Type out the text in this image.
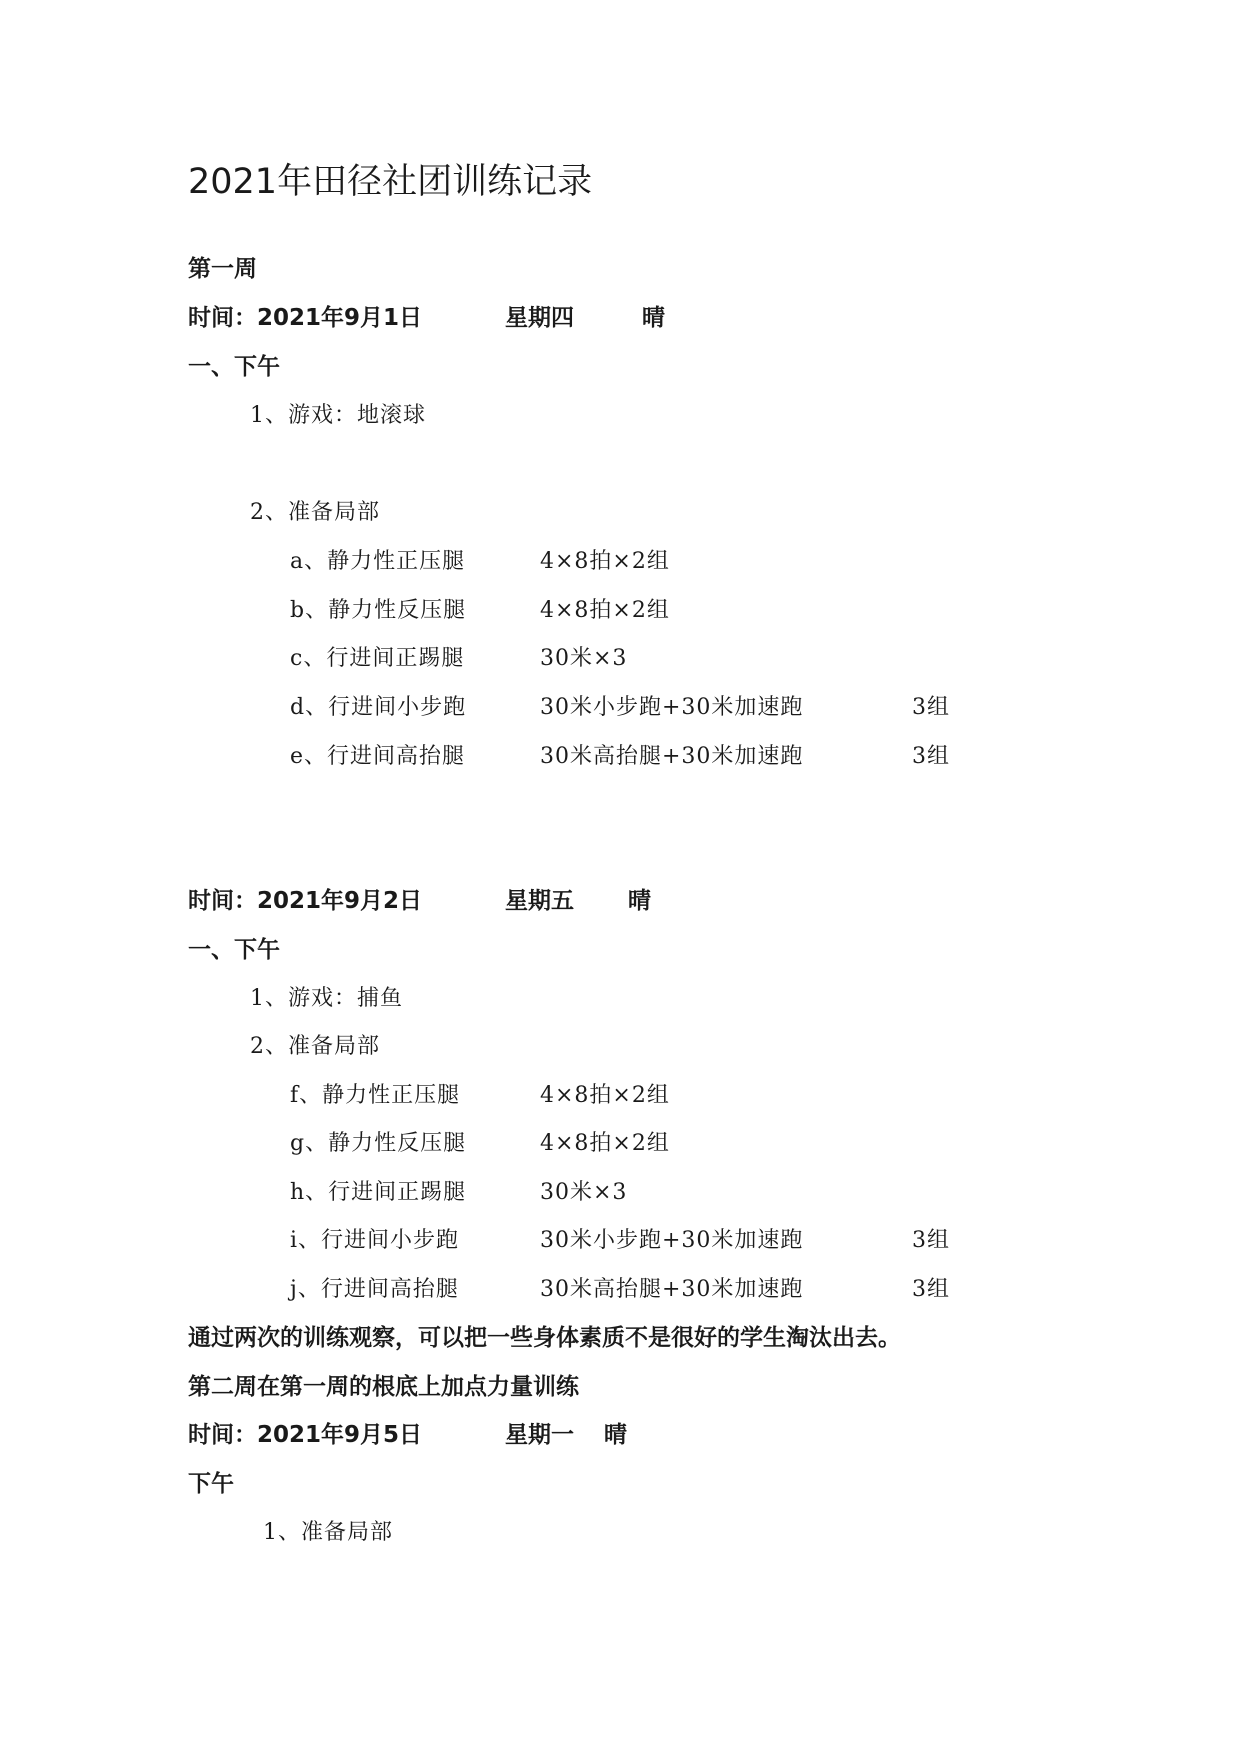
2021年田径社团训练记录
第一周
时间：2021年9月1日	星期四	晴
一、下午
1、游戏：地滚球
2、准备局部
a、静力性正压腿	4×8拍×2组
b、静力性反压腿	4×8拍×2组
c、行进间正踢腿	30米×3
d、行进间小步跑	30米小步跑+30米加速跑	3组
e、行进间高抬腿	30米高抬腿+30米加速跑	3组
时间：2021年9月2日	星期五 晴
一、下午
1、游戏：捕鱼
2、准备局部
f、静力性正压腿	4×8拍×2组
g、静力性反压腿	4×8拍×2组
h、行进间正踢腿	30米×3
i、行进间小步跑	30米小步跑+30米加速跑	3组
j、行进间高抬腿	30米高抬腿+30米加速跑	3组
通过两次的训练观察，可以把一些身体素质不是很好的学生淘汰出去。
第二周在第一周的根底上加点力量训练
时间：2021年9月5日	星期一 晴
下午
1、准备局部
